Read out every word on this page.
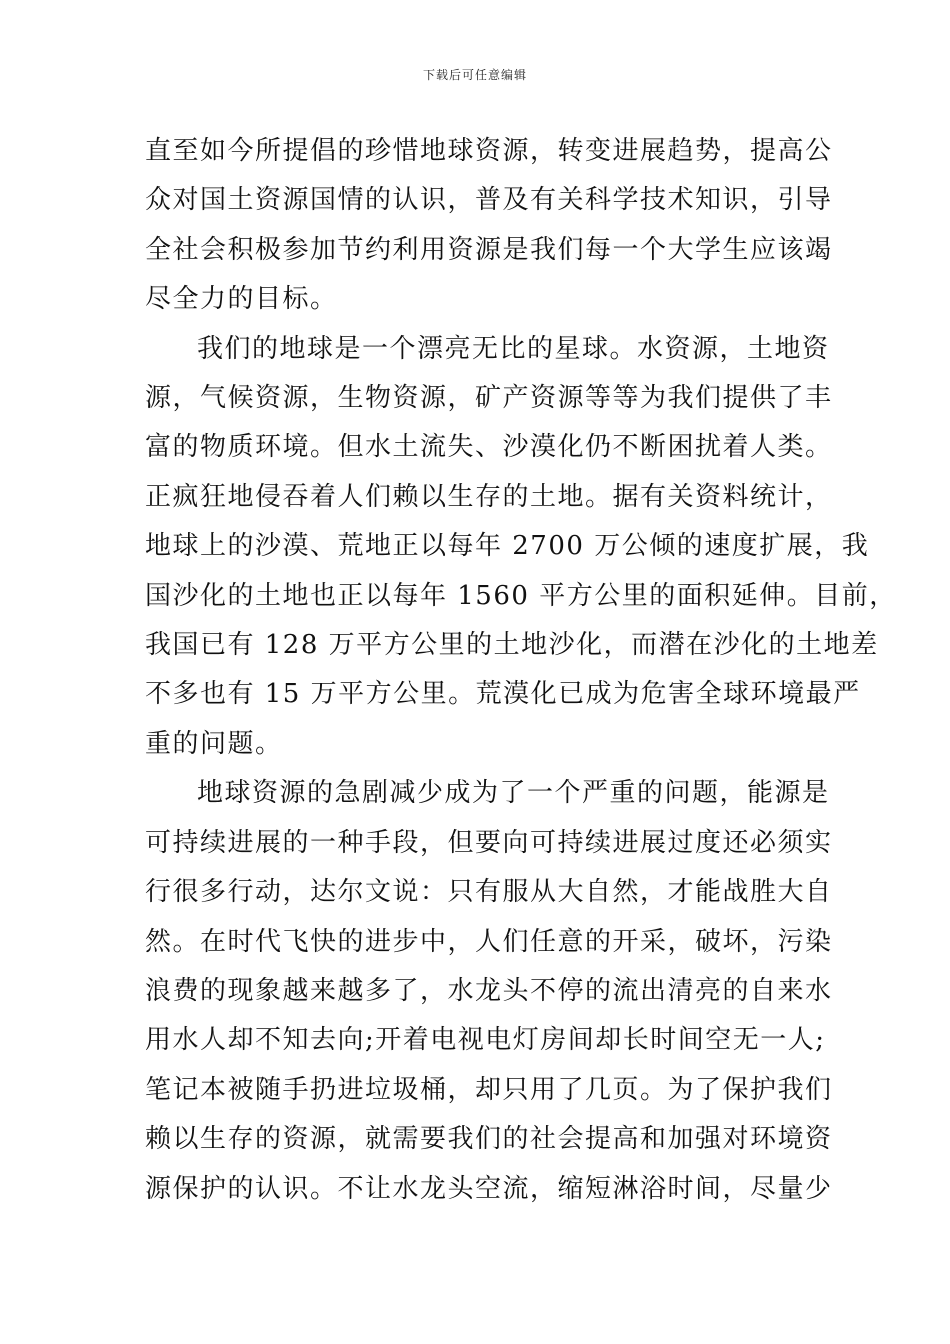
下载后可任意编辑

直至如今所提倡的珍惜地球资源，转变进展趋势，提高公
众对国土资源国情的认识，普及有关科学技术知识，引导
全社会积极参加节约利用资源是我们每一个大学生应该竭
尽全力的目标。

我们的地球是一个漂亮无比的星球。水资源，土地资
源，气候资源，生物资源，矿产资源等等为我们提供了丰
富的物质环境。但水土流失、沙漠化仍不断困扰着人类。
正疯狂地侵吞着人们赖以生存的土地。据有关资料统计，
地球上的沙漠、荒地正以每年 2700 万公倾的速度扩展，我
国沙化的土地也正以每年 1560 平方公里的面积延伸。目前，
我国已有 128 万平方公里的土地沙化，而潜在沙化的土地差
不多也有 15 万平方公里。荒漠化已成为危害全球环境最严
重的问题。

地球资源的急剧减少成为了一个严重的问题，能源是
可持续进展的一种手段，但要向可持续进展过度还必须实
行很多行动，达尔文说：只有服从大自然，才能战胜大自
然。在时代飞快的进步中，人们任意的开采，破坏，污染
浪费的现象越来越多了，水龙头不停的流出清亮的自来水
用水人却不知去向;开着电视电灯房间却长时间空无一人;
笔记本被随手扔进垃圾桶，却只用了几页。为了保护我们
赖以生存的资源，就需要我们的社会提高和加强对环境资
源保护的认识。不让水龙头空流，缩短淋浴时间，尽量少
